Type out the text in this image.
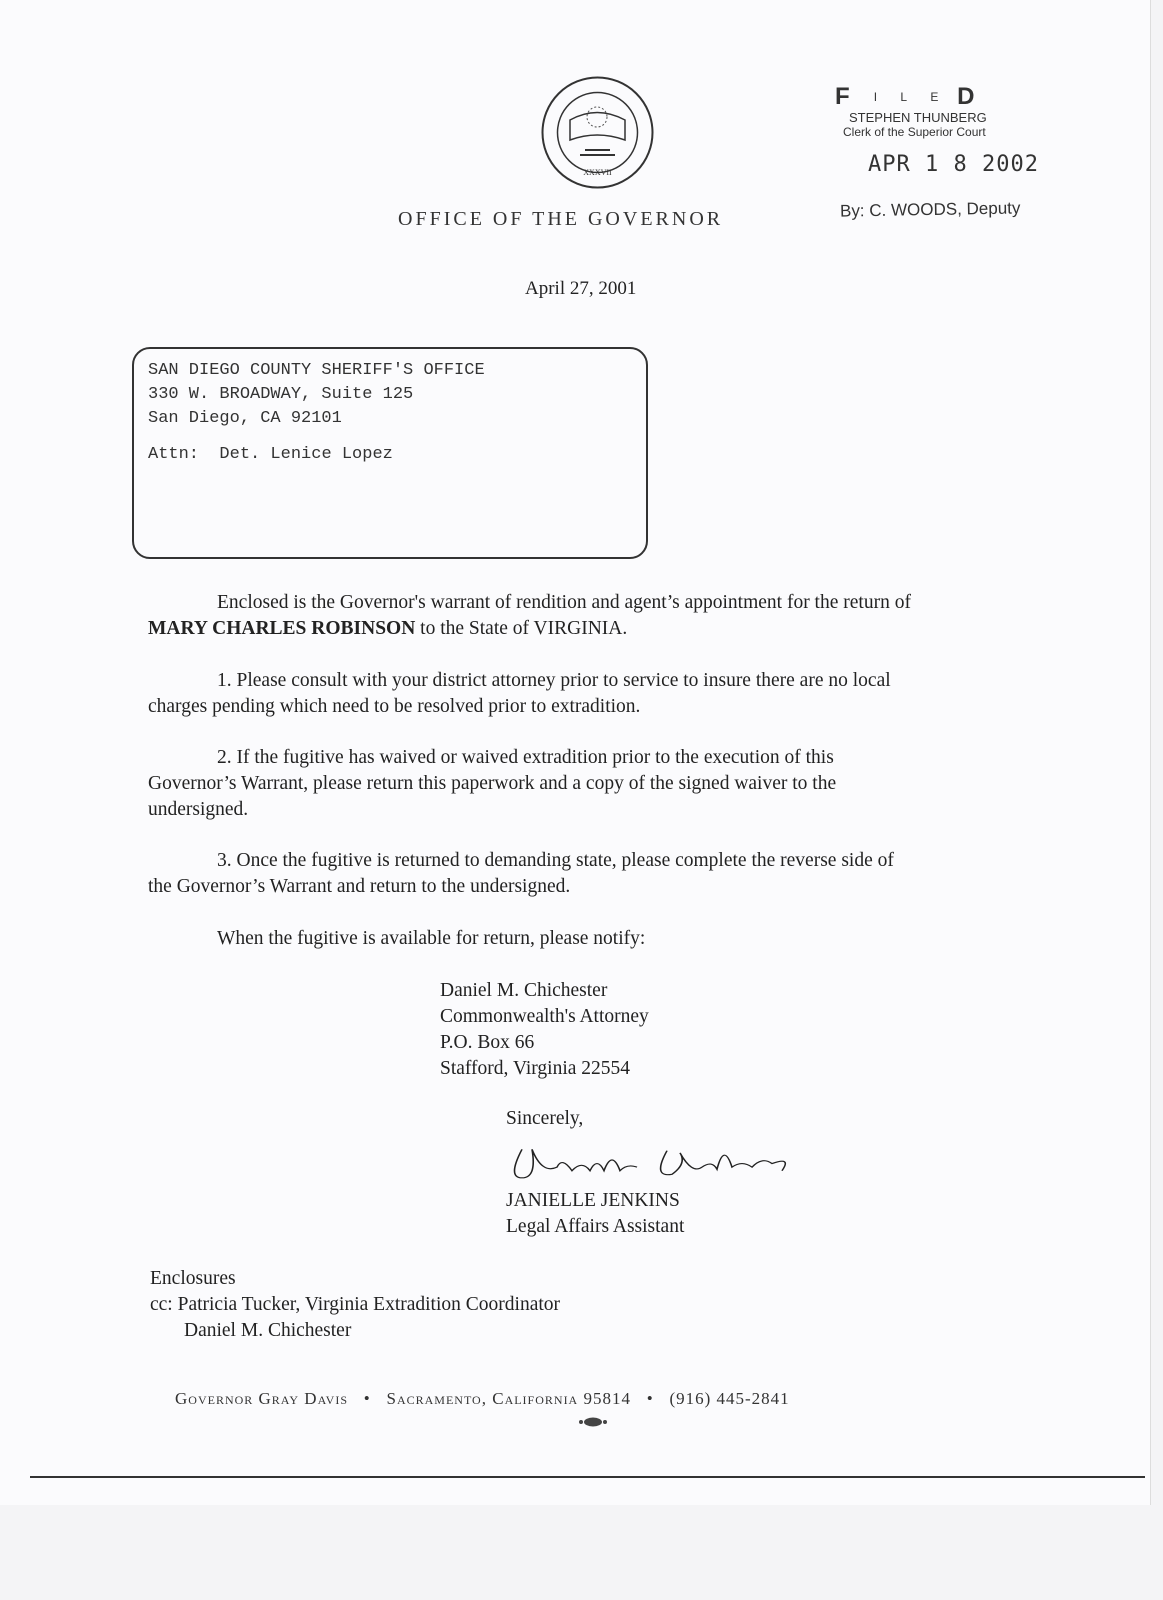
XXXVII
F $^{I L E}$ D
STEPHEN THUNBERG
Clerk of the Superior Court
APR 1 8 2002
By: C. WOODS, Deputy
OFFICE OF THE GOVERNOR
April 27, 2001
SAN DIEGO COUNTY SHERIFF'S OFFICE
330 W. BROADWAY, Suite 125
San Diego, CA 92101
Attn: Det. Lenice Lopez
Enclosed is the Governor's warrant of rendition and agent’s appointment for the return of
MARY CHARLES ROBINSON to the State of VIRGINIA.
1. Please consult with your district attorney prior to service to insure there are no local
charges pending which need to be resolved prior to extradition.
2. If the fugitive has waived or waived extradition prior to the execution of this
Governor’s Warrant, please return this paperwork and a copy of the signed waiver to the
undersigned.
3. Once the fugitive is returned to demanding state, please complete the reverse side of
the Governor’s Warrant and return to the undersigned.
When the fugitive is available for return, please notify:
Daniel M. Chichester
Commonwealth's Attorney
P.O. Box 66
Stafford, Virginia 22554
Sincerely,
JANIELLE JENKINS
Legal Affairs Assistant
Enclosures
cc: Patricia Tucker, Virginia Extradition Coordinator
Daniel M. Chichester
Governor Gray Davis • Sacramento, California 95814 • (916) 445-2841
